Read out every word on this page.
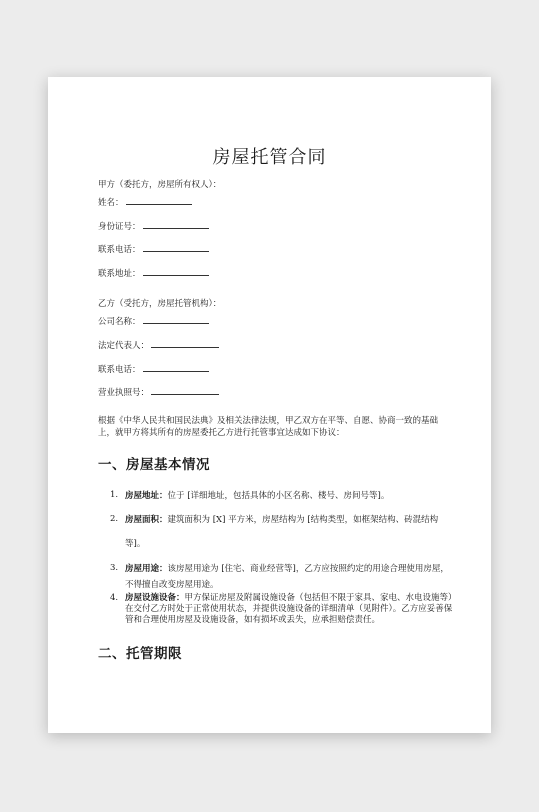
房屋托管合同
甲方（委托方，房屋所有权人）：
姓名：
身份证号：
联系电话：
联系地址：
乙方（受托方，房屋托管机构）：
公司名称：
法定代表人：
联系电话：
营业执照号：
根据《中华人民共和国民法典》及相关法律法规，甲乙双方在平等、自愿、协商一致的基础上，就甲方将其所有的房屋委托乙方进行托管事宜达成如下协议：
一、房屋基本情况
1. 房屋地址：位于 [详细地址，包括具体的小区名称、楼号、房间号等]。
2. 房屋面积：建筑面积为 [X] 平方米，房屋结构为 [结构类型，如框架结构、砖混结构等]。
3. 房屋用途：该房屋用途为 [住宅、商业经营等]，乙方应按照约定的用途合理使用房屋，不得擅自改变房屋用途。
4. 房屋设施设备：甲方保证房屋及附属设施设备（包括但不限于家具、家电、水电设施等）在交付乙方时处于正常使用状态，并提供设施设备的详细清单（见附件）。乙方应妥善保管和合理使用房屋及设施设备，如有损坏或丢失，应承担赔偿责任。
二、托管期限
